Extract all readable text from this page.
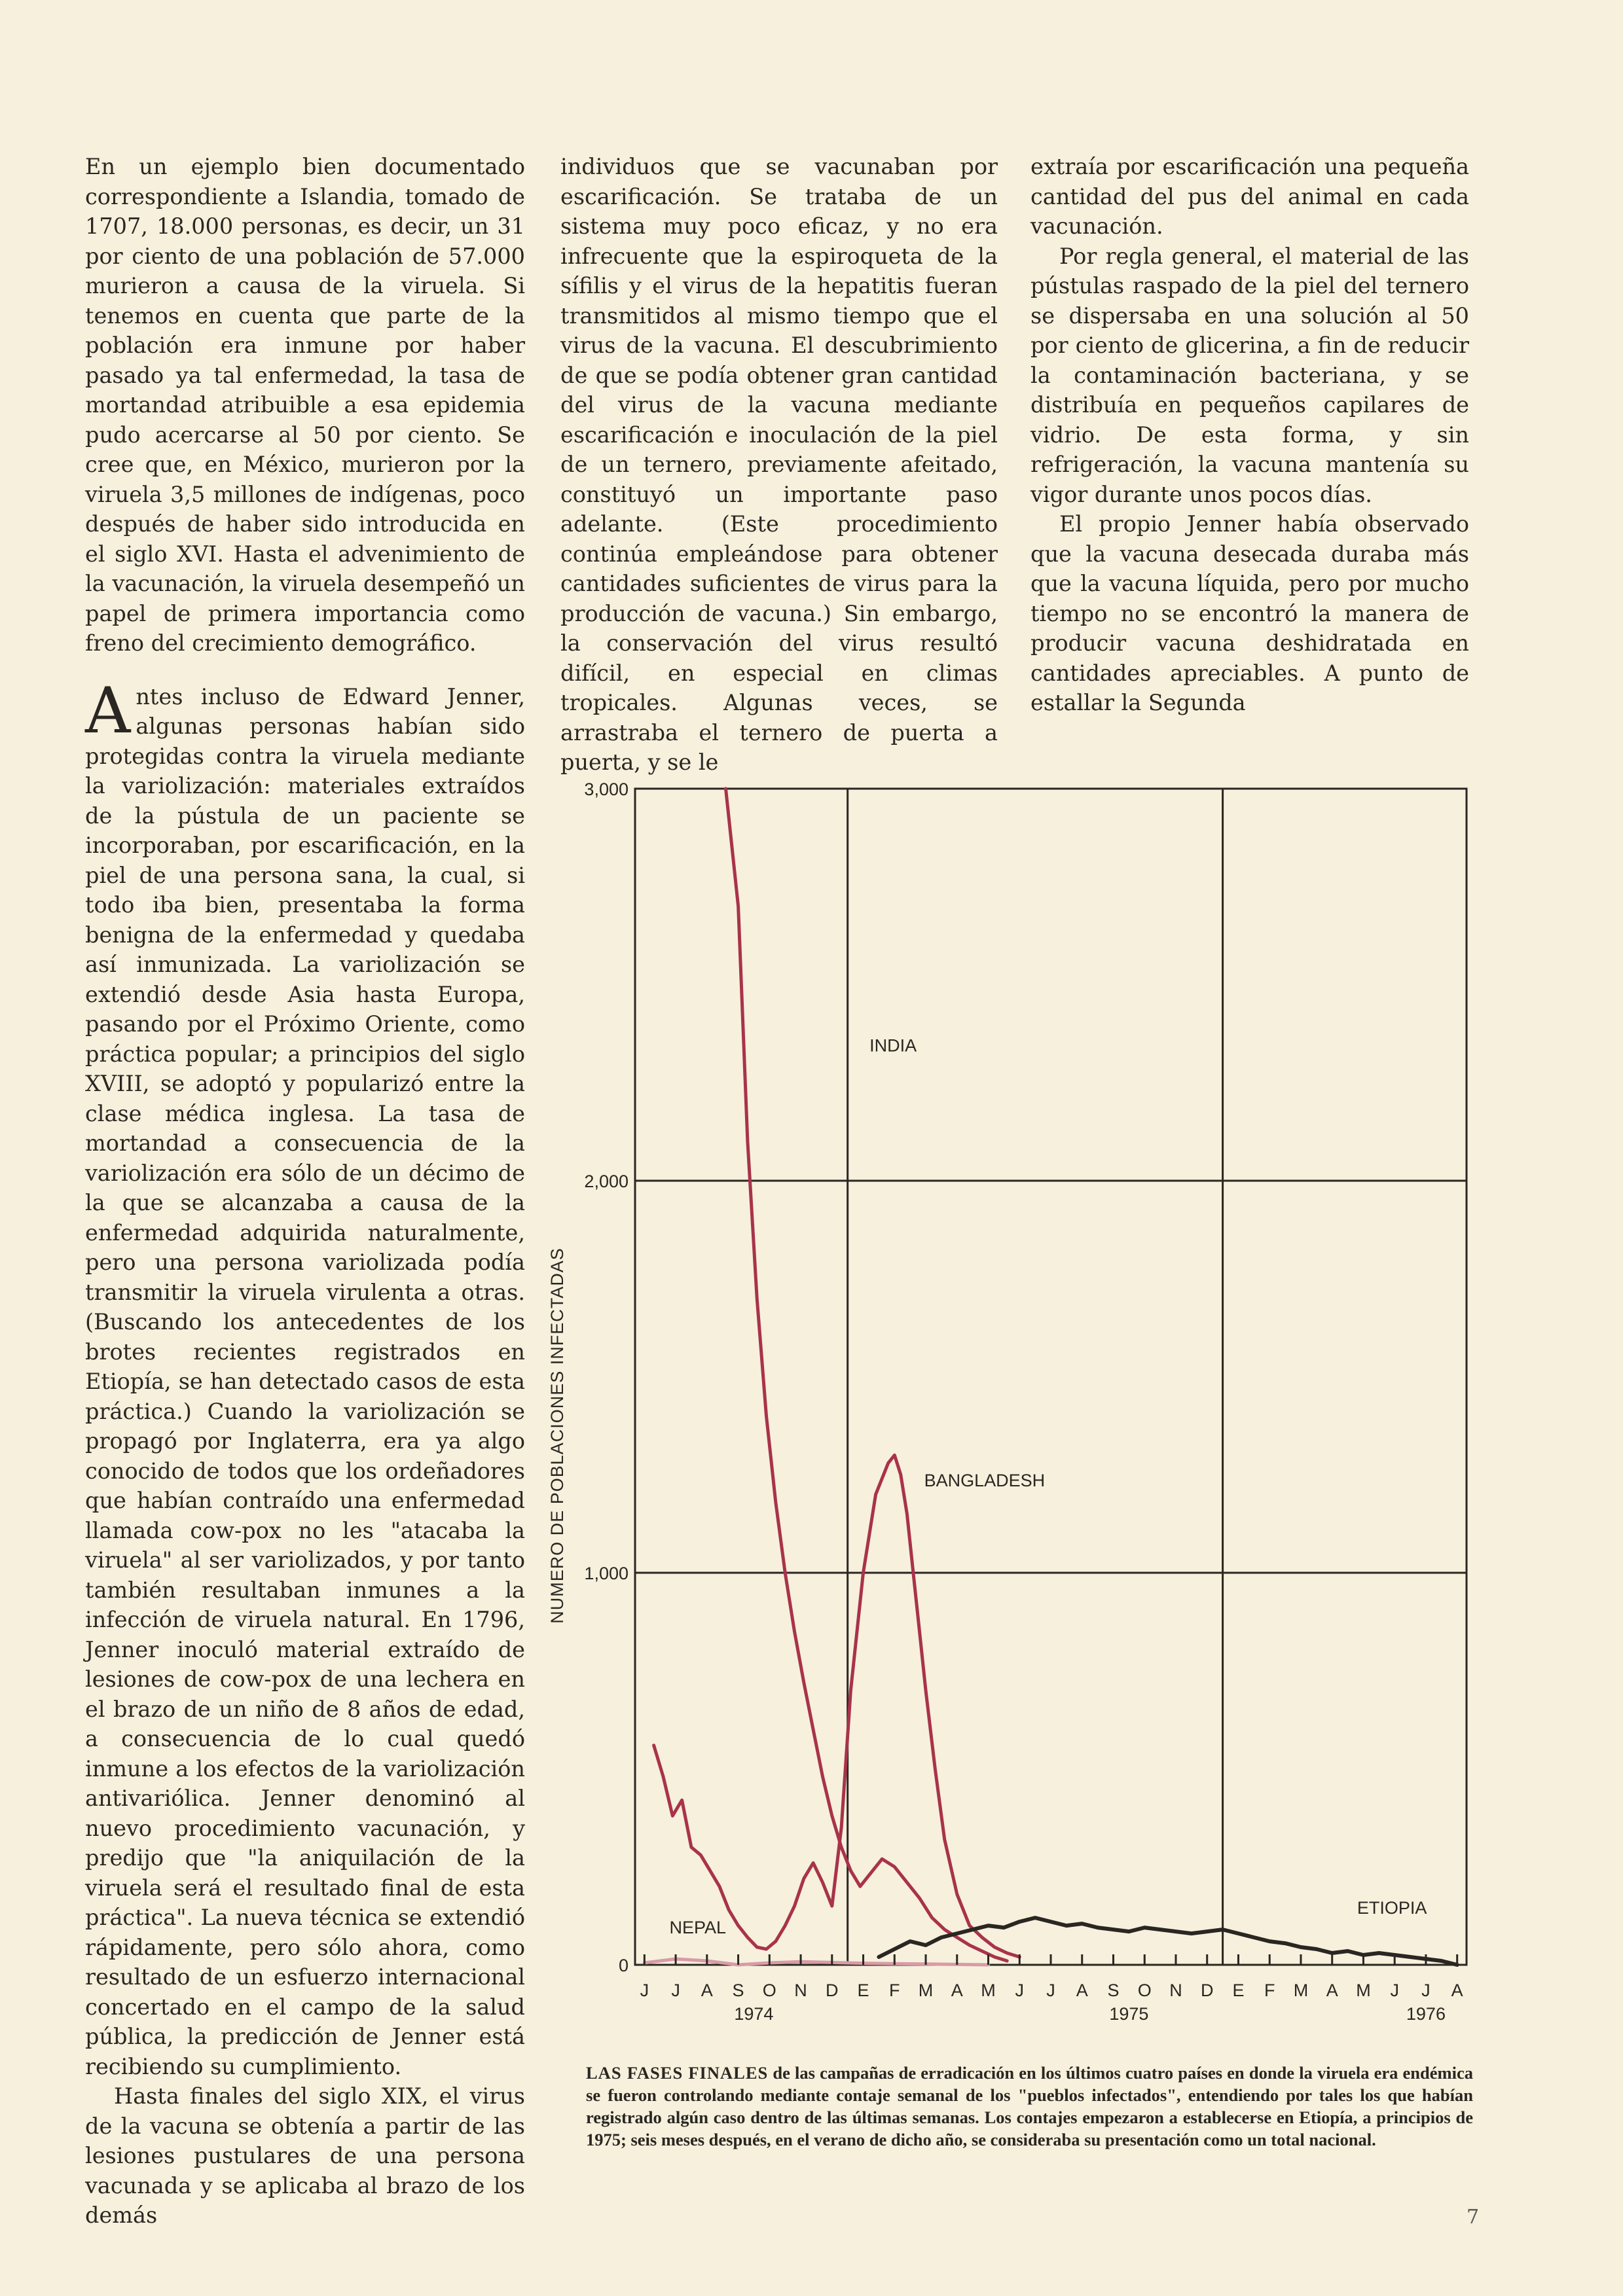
En un ejemplo bien documentado correspondiente a Islandia, tomado de 1707, 18.000 personas, es decir, un 31 por ciento de una población de 57.000 murieron a causa de la viruela. Si tenemos en cuenta que parte de la población era inmune por haber pasado ya tal enfermedad, la tasa de mortandad atribuible a esa epidemia pudo acercarse al 50 por ciento. Se cree que, en México, murieron por la viruela 3,5 millones de indígenas, poco después de haber sido introducida en el siglo XVI. Hasta el advenimiento de la vacunación, la viruela desempeñó un papel de primera importancia como freno del crecimiento demográfico.

Antes incluso de Edward Jenner, algunas personas habían sido protegidas contra la viruela mediante la variolización: materiales extraídos de la pústula de un paciente se incorporaban, por escarificación, en la piel de una persona sana, la cual, si todo iba bien, presentaba la forma benigna de la enfermedad y quedaba así inmunizada. La variolización se extendió desde Asia hasta Europa, pasando por el Próximo Oriente, como práctica popular; a principios del siglo XVIII, se adoptó y popularizó entre la clase médica inglesa. La tasa de mortandad a consecuencia de la variolización era sólo de un décimo de la que se alcanzaba a causa de la enfermedad adquirida naturalmente, pero una persona variolizada podía transmitir la viruela virulenta a otras. (Buscando los antecedentes de los brotes recientes registrados en Etiopía, se han detectado casos de esta práctica.) Cuando la variolización se propagó por Inglaterra, era ya algo conocido de todos que los ordeñadores que habían contraído una enfermedad llamada cow-pox no les "atacaba la viruela" al ser variolizados, y por tanto también resultaban inmunes a la infección de viruela natural. En 1796, Jenner inoculó material extraído de lesiones de cow-pox de una lechera en el brazo de un niño de 8 años de edad, a consecuencia de lo cual quedó inmune a los efectos de la variolización antivariólica. Jenner denominó al nuevo procedimiento vacunación, y predijo que "la aniquilación de la viruela será el resultado final de esta práctica". La nueva técnica se extendió rápidamente, pero sólo ahora, como resultado de un esfuerzo internacional concertado en el campo de la salud pública, la predicción de Jenner está recibiendo su cumplimiento.

Hasta finales del siglo XIX, el virus de la vacuna se obtenía a partir de las lesiones pustulares de una persona vacunada y se aplicaba al brazo de los demás

individuos que se vacunaban por escarificación. Se trataba de un sistema muy poco eficaz, y no era infrecuente que la espiroqueta de la sífilis y el virus de la hepatitis fueran transmitidos al mismo tiempo que el virus de la vacuna. El descubrimiento de que se podía obtener gran cantidad del virus de la vacuna mediante escarificación e inoculación de la piel de un ternero, previamente afeitado, constituyó un importante paso adelante. (Este procedimiento continúa empleándose para obtener cantidades suficientes de virus para la producción de vacuna.) Sin embargo, la conservación del virus resultó difícil, en especial en climas tropicales. Algunas veces, se arrastraba el ternero de puerta a puerta, y se le

extraía por escarificación una pequeña cantidad del pus del animal en cada vacunación.

Por regla general, el material de las pústulas raspado de la piel del ternero se dispersaba en una solución al 50 por ciento de glicerina, a fin de reducir la contaminación bacteriana, y se distribuía en pequeños capilares de vidrio. De esta forma, y sin refrigeración, la vacuna mantenía su vigor durante unos pocos días.

El propio Jenner había observado que la vacuna desecada duraba más que la vacuna líquida, pero por mucho tiempo no se encontró la manera de producir vacuna deshidratada en cantidades apreciables. A punto de estallar la Segunda

INDIA
BANGLADESH
NEPAL
ETIOPIA
0
1,000
2,000
3,000
NUMERO DE POBLACIONES INFECTADAS
J J A S O N D E F M A M J J A S O N D E F M A M J J A
1974	1975	1976
LAS FASES FINALES de las campañas de erradicación en los últimos cuatro países en donde la viruela era endémica se fueron controlando mediante contaje semanal de los "pueblos infectados", entendiendo por tales los que habían registrado algún caso dentro de las últimas semanas. Los contajes empezaron a establecerse en Etiopía, a principios de 1975; seis meses después, en el verano de dicho año, se consideraba su presentación como un total nacional.
7
